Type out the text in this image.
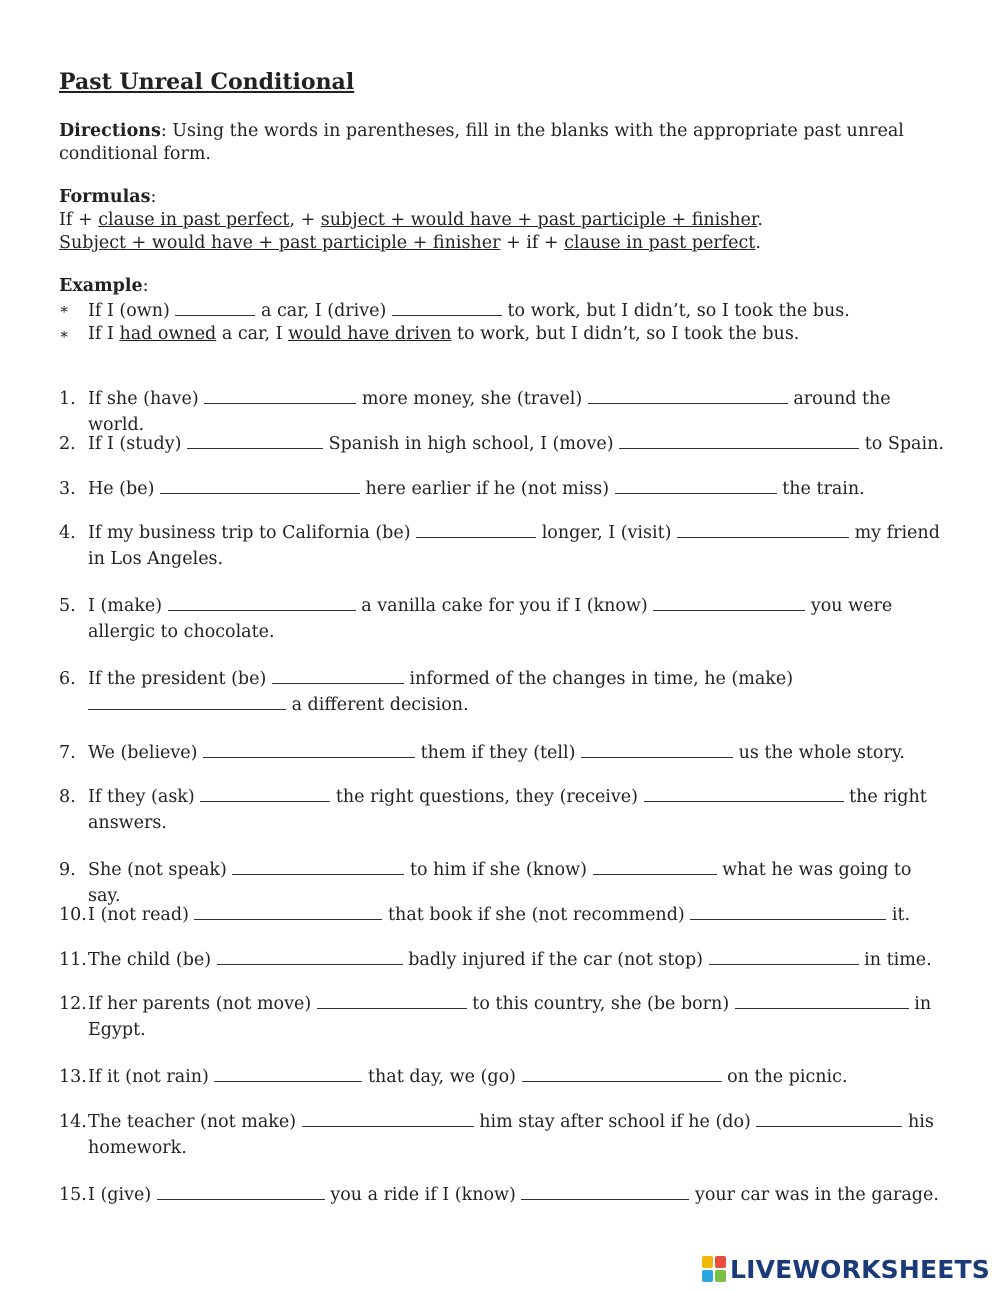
Past Unreal Conditional

Directions: Using the words in parentheses, fill in the blanks with the appropriate past unreal conditional form.

Formulas:

If + clause in past perfect, + subject + would have + past participle + finisher.

Subject + would have + past participle + finisher + if + clause in past perfect.

Example:

∗ If I (own)	a car, I (drive)	to work, but I didn’t, so I took the bus.

∗ If I had owned a car, I would have driven to work, but I didn’t, so I took the bus.

1. If she (have)	more money, she (travel)	around the world.
2. If I (study)	Spanish in high school, I (move)	to Spain.
3. He (be)	here earlier if he (not miss)	the train.
4. If my business trip to California (be)	longer, I (visit)	my friend in Los Angeles.
5. I (make)	a vanilla cake for you if I (know)	you were allergic to chocolate.
6. If the president (be)	informed of the changes in time, he (make)  a different decision.
7. We (believe)	them if they (tell)	us the whole story.
8. If they (ask)	the right questions, they (receive)	the right answers.
9. She (not speak)	to him if she (know)	what he was going to say.
10. I (not read)	that book if she (not recommend)	it.
11. The child (be)	badly injured if the car (not stop)	in time.
12. If her parents (not move)	to this country, she (be born)	in Egypt.
13. If it (not rain)	that day, we (go)	on the picnic.
14. The teacher (not make)	him stay after school if he (do)	his homework.
15. I (give)	you a ride if I (know)	your car was in the garage.
LIVEWORKSHEETS
